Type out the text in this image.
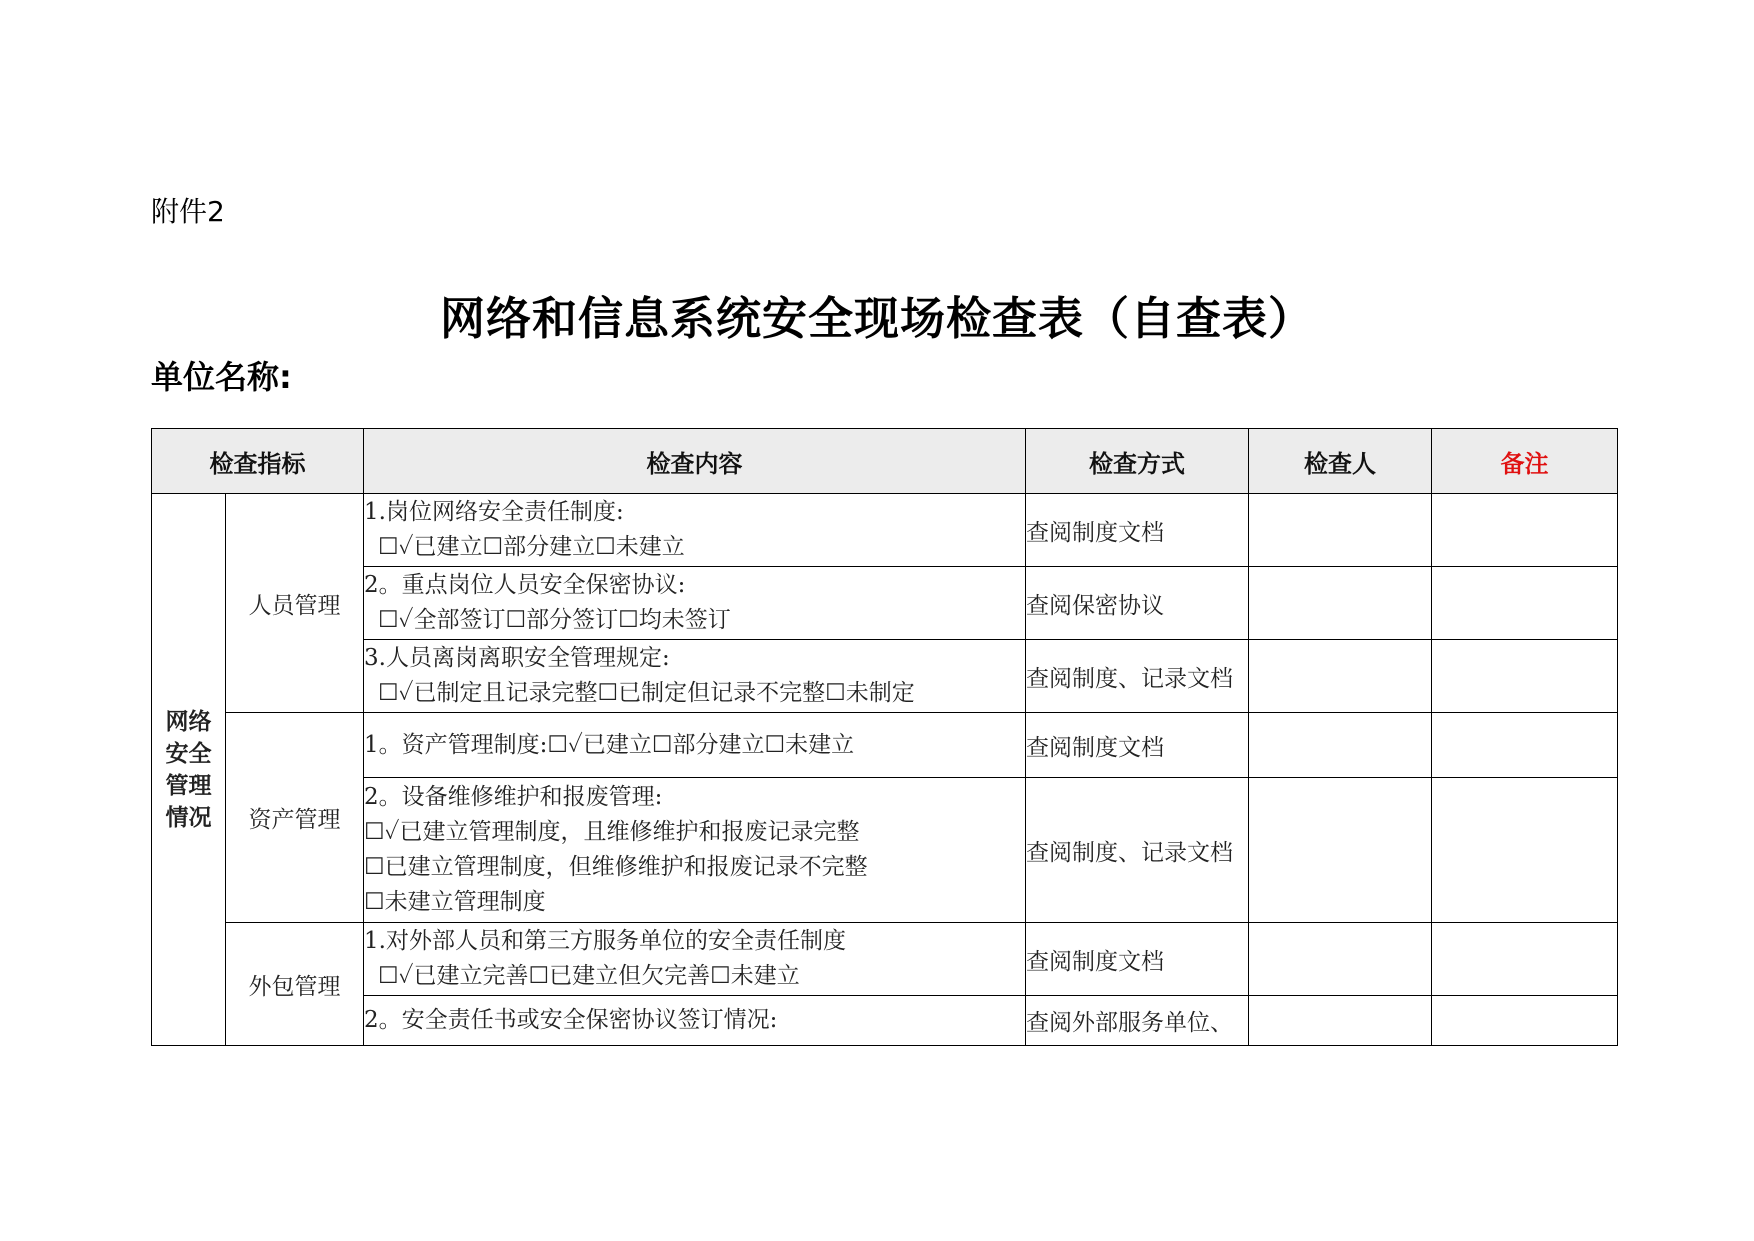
附件2
网络和信息系统安全现场检查表（自查表）
单位名称:
检查指标		检查内容	检查方式	检查人	备注

网络
安全
管理
情况	人员管理	1.岗位网络安全责任制度:
☐✓已建立☐部分建立☐未建立	查阅制度文档		

		2。重点岗位人员安全保密协议:
☐✓全部签订☐部分签订☐均未签订	查阅保密协议		

		3.人员离岗离职安全管理规定:
☐✓已制定且记录完整☐已制定但记录不完整☐未制定	查阅制度、记录文档		
	资产管理	1。资产管理制度:☐✓已建立☐部分建立☐未建立	查阅制度文档		

		2。设备维修维护和报废管理:
☐✓已建立管理制度，且维修维护和报废记录完整
☐已建立管理制度，但维修维护和报废记录不完整
☐未建立管理制度	查阅制度、记录文档		
	外包管理	1.对外部人员和第三方服务单位的安全责任制度
☐✓已建立完善☐已建立但欠完善☐未建立	查阅制度文档		

		2。安全责任书或安全保密协议签订情况:	查阅外部服务单位、		
